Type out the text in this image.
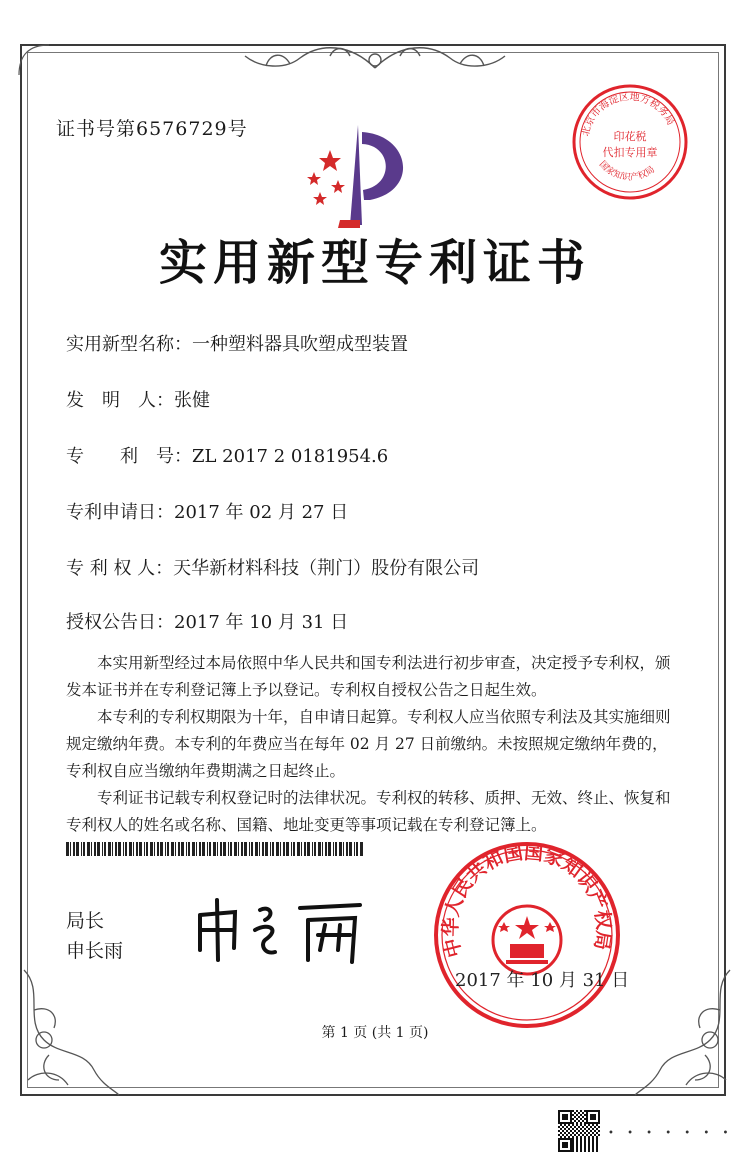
证书号第6576729号	北京市海淀区地方税务局
印花税
代扣专用章
国家知识产权局
实用新型专利证书
实用新型名称：一种塑料器具吹塑成型装置
发　明　人：张健
专　　利　号：ZL 2017 2 0181954.6
专利申请日：2017 年 02 月 27 日
专 利 权 人：天华新材料科技（荆门）股份有限公司
授权公告日：2017 年 10 月 31 日

本实用新型经过本局依照中华人民共和国专利法进行初步审查，决定授予专利权，颁发本证书并在专利登记簿上予以登记。专利权自授权公告之日起生效。

本专利的专利权期限为十年，自申请日起算。专利权人应当依照专利法及其实施细则规定缴纳年费。本专利的年费应当在每年 02 月 27 日前缴纳。未按照规定缴纳年费的，专利权自应当缴纳年费期满之日起终止。

专利证书记载专利权登记时的法律状况。专利权的转移、质押、无效、终止、恢复和专利权人的姓名或名称、国籍、地址变更等事项记载在专利登记簿上。

局长
申长雨	中华人民共和国国家知识产权局
2017 年 10 月 31 日
第 1 页 (共 1 页)
• • • • • • •
